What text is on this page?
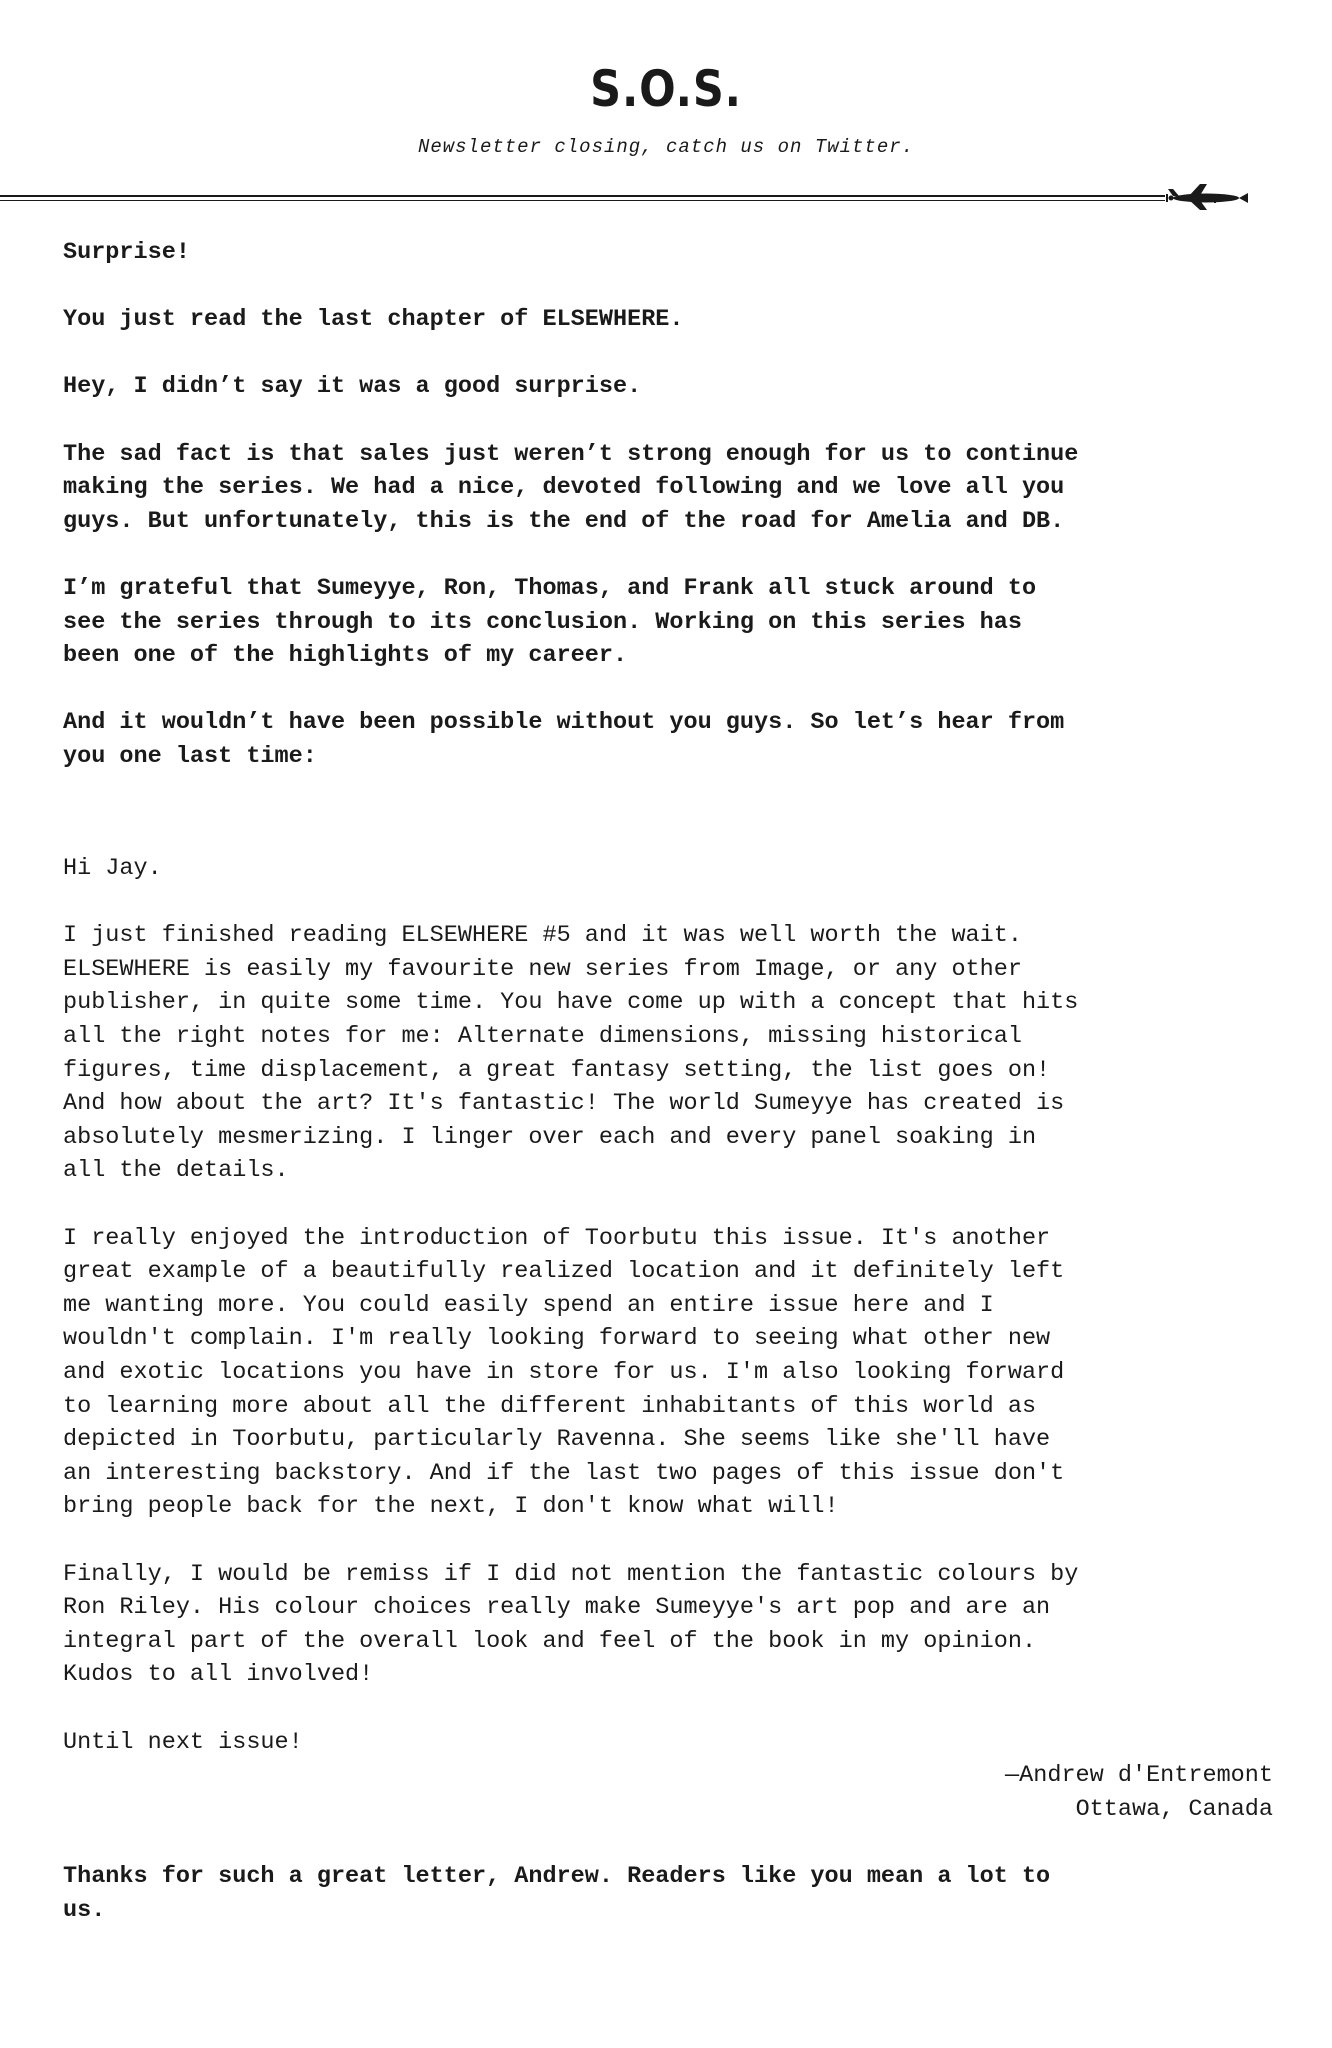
S.O.S.
Newsletter closing, catch us on Twitter.

Surprise!

You just read the last chapter of ELSEWHERE.

Hey, I didn’t say it was a good surprise.

The sad fact is that sales just weren’t strong enough for us to continue
making the series. We had a nice, devoted following and we love all you
guys. But unfortunately, this is the end of the road for Amelia and DB.

I’m grateful that Sumeyye, Ron, Thomas, and Frank all stuck around to
see the series through to its conclusion. Working on this series has
been one of the highlights of my career.

And it wouldn’t have been possible without you guys. So let’s hear from
you one last time:

Hi Jay.

I just finished reading ELSEWHERE #5 and it was well worth the wait.
ELSEWHERE is easily my favourite new series from Image, or any other
publisher, in quite some time. You have come up with a concept that hits
all the right notes for me: Alternate dimensions, missing historical
figures, time displacement, a great fantasy setting, the list goes on!
And how about the art? It's fantastic! The world Sumeyye has created is
absolutely mesmerizing. I linger over each and every panel soaking in
all the details.

I really enjoyed the introduction of Toorbutu this issue. It's another
great example of a beautifully realized location and it definitely left
me wanting more. You could easily spend an entire issue here and I
wouldn't complain. I'm really looking forward to seeing what other new
and exotic locations you have in store for us. I'm also looking forward
to learning more about all the different inhabitants of this world as
depicted in Toorbutu, particularly Ravenna. She seems like she'll have
an interesting backstory. And if the last two pages of this issue don't
bring people back for the next, I don't know what will!

Finally, I would be remiss if I did not mention the fantastic colours by
Ron Riley. His colour choices really make Sumeyye's art pop and are an
integral part of the overall look and feel of the book in my opinion.
Kudos to all involved!

Until next issue!

—Andrew d'Entremont
Ottawa, Canada

Thanks for such a great letter, Andrew. Readers like you mean a lot to
us.
